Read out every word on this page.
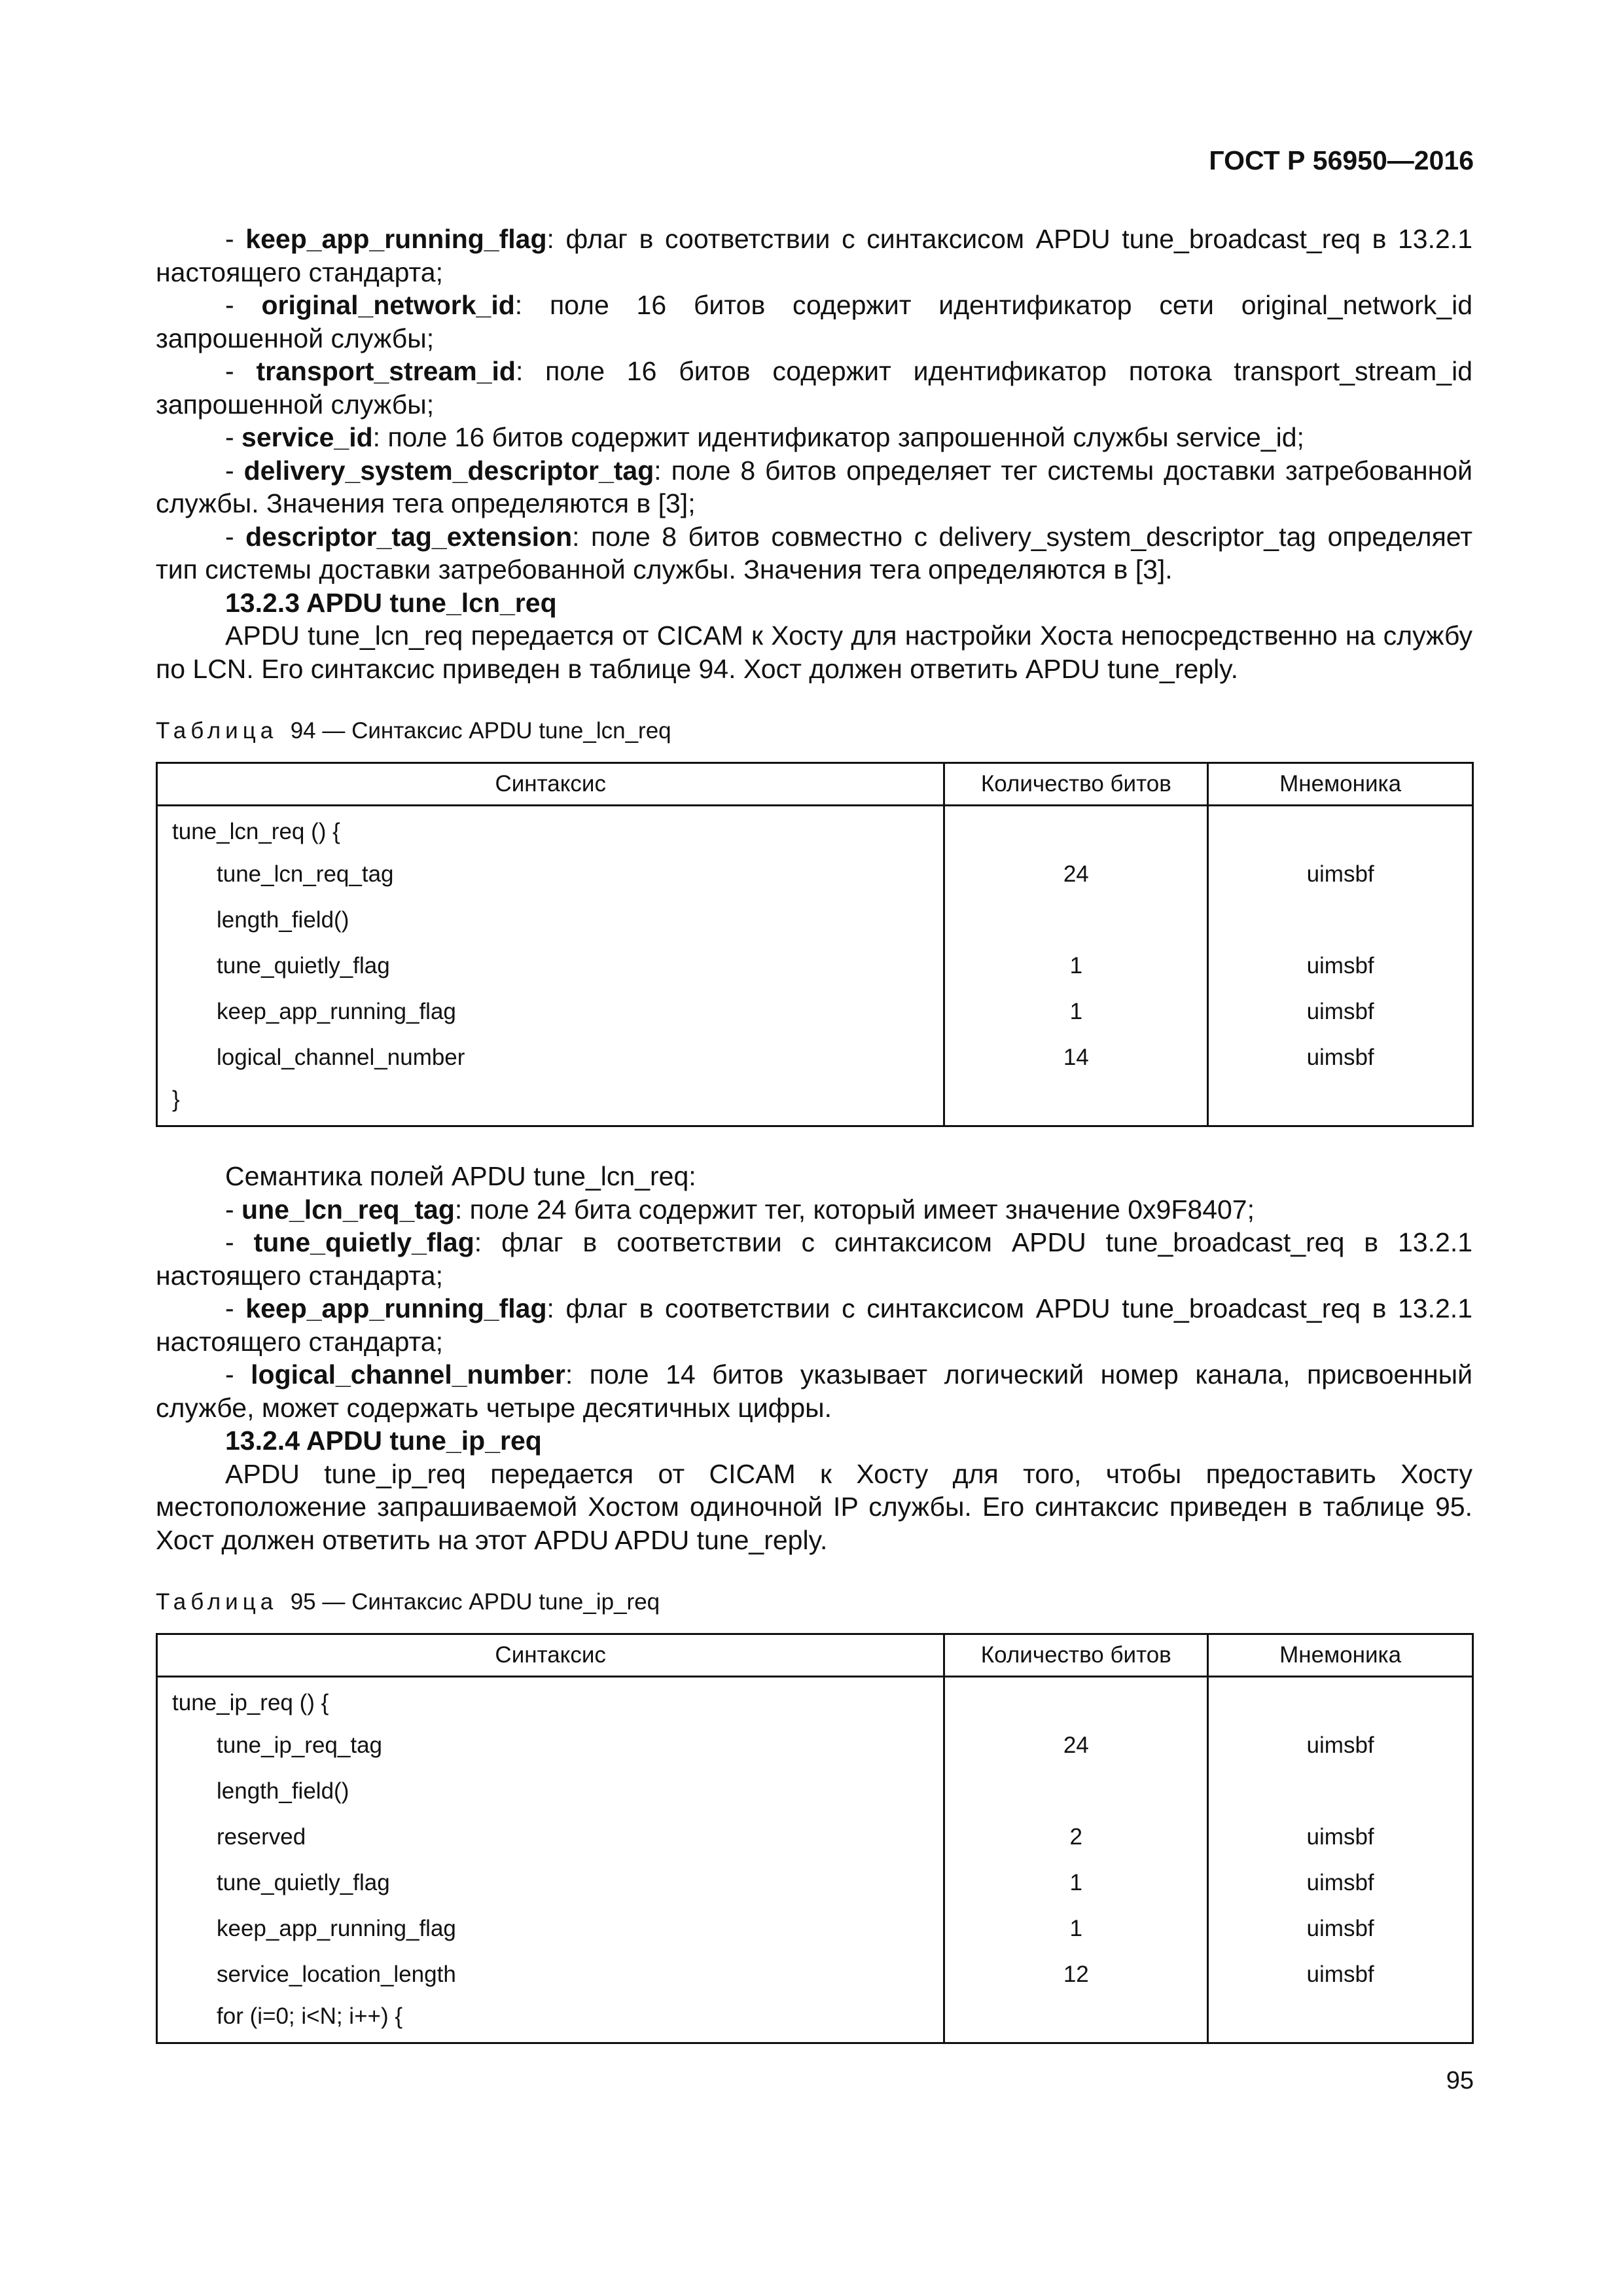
ГОСТ Р 56950—2016

- keep_app_running_flag: флаг в соответствии с синтаксисом APDU tune_broadcast_req в 13.2.1 настоящего стандарта;

- original_network_id: поле 16 битов содержит идентификатор сети original_network_id запрошенной службы;

- transport_stream_id: поле 16 битов содержит идентификатор потока transport_stream_id запрошенной службы;

- service_id: поле 16 битов содержит идентификатор запрошенной службы service_id;

- delivery_system_descriptor_tag: поле 8 битов определяет тег системы доставки затребованной службы. Значения тега определяются в [3];

- descriptor_tag_extension: поле 8 битов совместно с delivery_system_descriptor_tag определяет тип системы доставки затребованной службы. Значения тега определяются в [3].

13.2.3 APDU tune_lcn_req

APDU tune_lcn_req передается от CICAM к Хосту для настройки Хоста непосредственно на службу по LCN. Его синтаксис приведен в таблице 94. Хост должен ответить APDU tune_reply.

Таблица 94 — Синтаксис APDU tune_lcn_req
Синтаксис	Количество битов	Мнемоника
tune_lcn_req () {		
tune_lcn_req_tag	24	uimsbf
length_field()		
tune_quietly_flag	1	uimsbf
keep_app_running_flag	1	uimsbf
logical_channel_number	14	uimsbf
}		

Семантика полей APDU tune_lcn_req:

- une_lcn_req_tag: поле 24 бита содержит тег, который имеет значение 0x9F8407;

- tune_quietly_flag: флаг в соответствии с синтаксисом APDU tune_broadcast_req в 13.2.1 настоящего стандарта;

- keep_app_running_flag: флаг в соответствии с синтаксисом APDU tune_broadcast_req в 13.2.1 настоящего стандарта;

- logical_channel_number: поле 14 битов указывает логический номер канала, присвоенный службе, может содержать четыре десятичных цифры.

13.2.4 APDU tune_ip_req

APDU tune_ip_req передается от CICAM к Хосту для того, чтобы предоставить Хосту местоположение запрашиваемой Хостом одиночной IP службы. Его синтаксис приведен в таблице 95. Хост должен ответить на этот APDU APDU tune_reply.

Таблица 95 — Синтаксис APDU tune_ip_req
Синтаксис	Количество битов	Мнемоника
tune_ip_req () {		
tune_ip_req_tag	24	uimsbf
length_field()		
reserved	2	uimsbf
tune_quietly_flag	1	uimsbf
keep_app_running_flag	1	uimsbf
service_location_length	12	uimsbf
for (i=0; i<N; i++) {		
95
